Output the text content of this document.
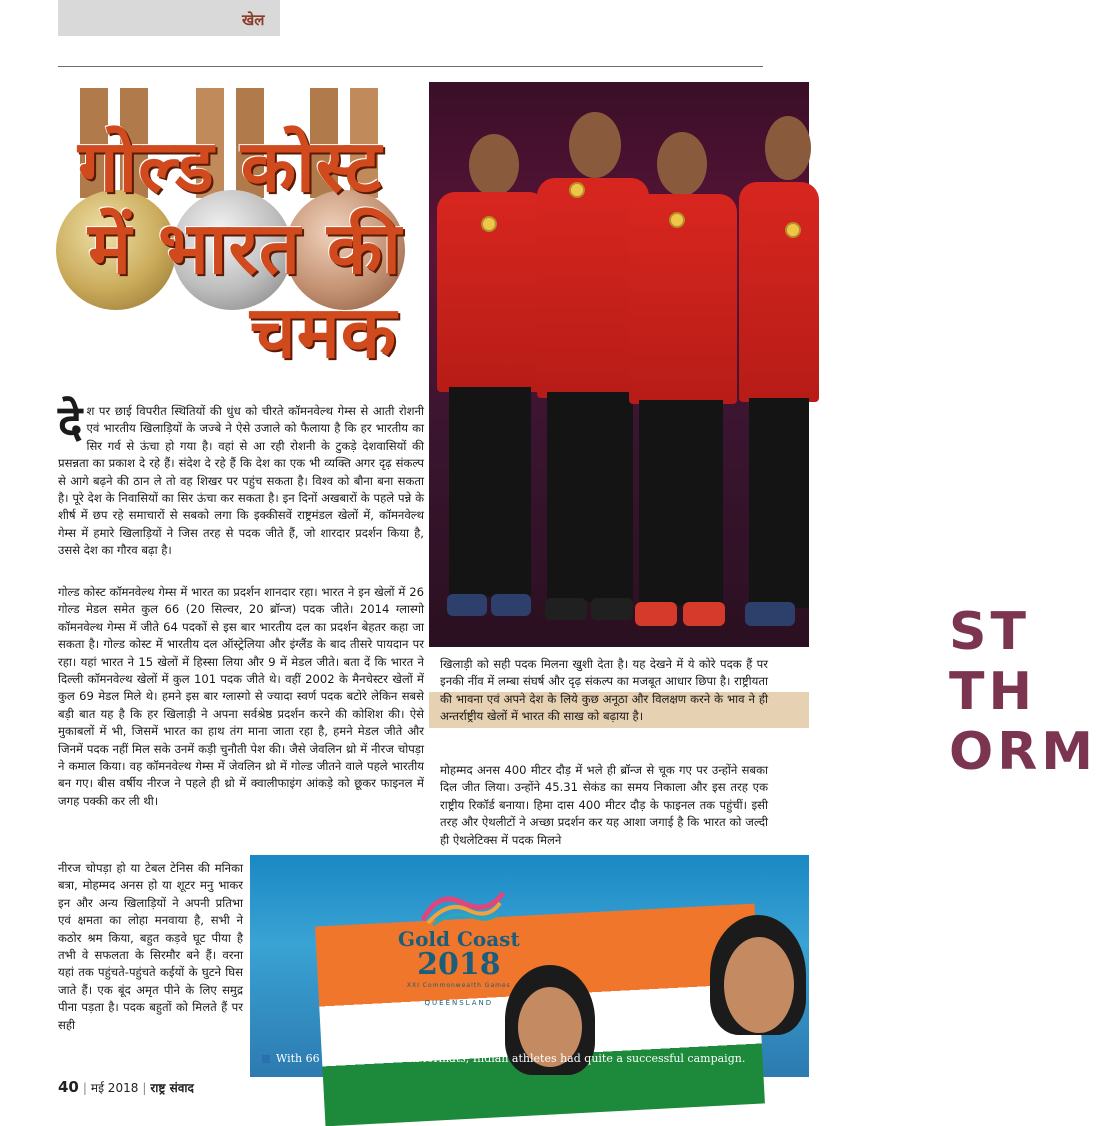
खेल
गोल्ड कोस्ट
में भारत की
चमक
ST TH ORM
देश पर छाई विपरीत स्थितियों की धुंध को चीरते कॉमनवेल्थ गेम्स से आती रोशनी एवं भारतीय खिलाड़ियों के जज्बे ने ऐसे उजाले को फैलाया है कि हर भारतीय का सिर गर्व से ऊंचा हो गया है। वहां से आ रही रोशनी के टुकड़े देशवासियों की प्रसन्नता का प्रकाश दे रहे हैं। संदेश दे रहे हैं कि देश का एक भी व्यक्ति अगर दृढ़ संकल्प से आगे बढ़ने की ठान ले तो वह शिखर पर पहुंच सकता है। विश्व को बौना बना सकता है। पूरे देश के निवासियों का सिर ऊंचा कर सकता है। इन दिनों अखबारों के पहले पन्ने के शीर्ष में छप रहे समाचारों से सबको लगा कि इक्कीसवें राष्ट्रमंडल खेलों में, कॉमनवेल्थ गेम्स में हमारे खिलाड़ियों ने जिस तरह से पदक जीते हैं, जो शारदार प्रदर्शन किया है, उससे देश का गौरव बढ़ा है।
गोल्ड कोस्ट कॉमनवेल्थ गेम्स में भारत का प्रदर्शन शानदार रहा। भारत ने इन खेलों में 26 गोल्ड मेडल समेत कुल 66 (20 सिल्वर, 20 ब्रॉन्ज) पदक जीते। 2014 ग्लास्गो कॉमनवेल्थ गेम्स में जीते 64 पदकों से इस बार भारतीय दल का प्रदर्शन बेहतर कहा जा सकता है। गोल्ड कोस्ट में भारतीय दल ऑस्ट्रेलिया और इंग्लैंड के बाद तीसरे पायदान पर रहा। यहां भारत ने 15 खेलों में हिस्सा लिया और 9 में मेडल जीते। बता दें कि भारत ने दिल्ली कॉमनवेल्थ खेलों में कुल 101 पदक जीते थे। वहीं 2002 के मैनचेस्टर खेलों में कुल 69 मेडल मिले थे। हमने इस बार ग्लास्गो से ज्यादा स्वर्ण पदक बटोरे लेकिन सबसे बड़ी बात यह है कि हर खिलाड़ी ने अपना सर्वश्रेष्ठ प्रदर्शन करने की कोशिश की। ऐसे मुकाबलों में भी, जिसमें भारत का हाथ तंग माना जाता रहा है, हमने मेडल जीते और जिनमें पदक नहीं मिल सके उनमें कड़ी चुनौती पेश की। जैसे जेवलिन थ्रो में नीरज चोपड़ा ने कमाल किया। वह कॉमनवेल्थ गेम्स में जेवलिन थ्रो में गोल्ड जीतने वाले पहले भारतीय बन गए। बीस वर्षीय नीरज ने पहले ही थ्रो में क्वालीफाइंग आंकड़े को छूकर फाइनल में जगह पक्की कर ली थी।
खिलाड़ी को सही पदक मिलना खुशी देता है। यह देखने में ये कोरे पदक हैं पर इनकी नींव में लम्बा संघर्ष और दृढ़ संकल्प का मजबूत आधार छिपा है। राष्ट्रीयता की भावना एवं अपने देश के लिये कुछ अनूठा और विलक्षण करने के भाव ने ही अन्तर्राष्ट्रीय खेलों में भारत की साख को बढ़ाया है।
मोहम्मद अनस 400 मीटर दौड़ में भले ही ब्रॉन्ज से चूक गए पर उन्होंने सबका दिल जीत लिया। उन्होंने 45.31 सेकंड का समय निकाला और इस तरह एक राष्ट्रीय रिकॉर्ड बनाया। हिमा दास 400 मीटर दौड़ के फाइनल तक पहुंचीं। इसी तरह और ऐथलीटों ने अच्छा प्रदर्शन कर यह आशा जगाई है कि भारत को जल्दी ही ऐथलेटिक्स में पदक मिलने
नीरज चोपड़ा हो या टेबल टेनिस की मनिका बत्रा, मोहम्मद अनस हो या शूटर मनु भाकर इन और अन्य खिलाड़ियों ने अपनी प्रतिभा एवं क्षमता का लोहा मनवाया है, सभी ने कठोर श्रम किया, बहुत कड़वे घूट पीया है तभी वे सफलता के सिरमौर बने हैं। वरना यहां तक पहुंचते-पहुंचते कईयों के घुटने घिस जाते हैं। एक बूंद अमृत पीने के लिए समुद्र पीना पड़ता है। पदक बहुतों को मिलते हैं पर सही
Gold Coast
2018
XXI Commonwealth Games
QUEENSLAND
With 66 medals across all formats, Indian athletes had quite a successful campaign.
40 | मई 2018 | राष्ट्र संवाद
